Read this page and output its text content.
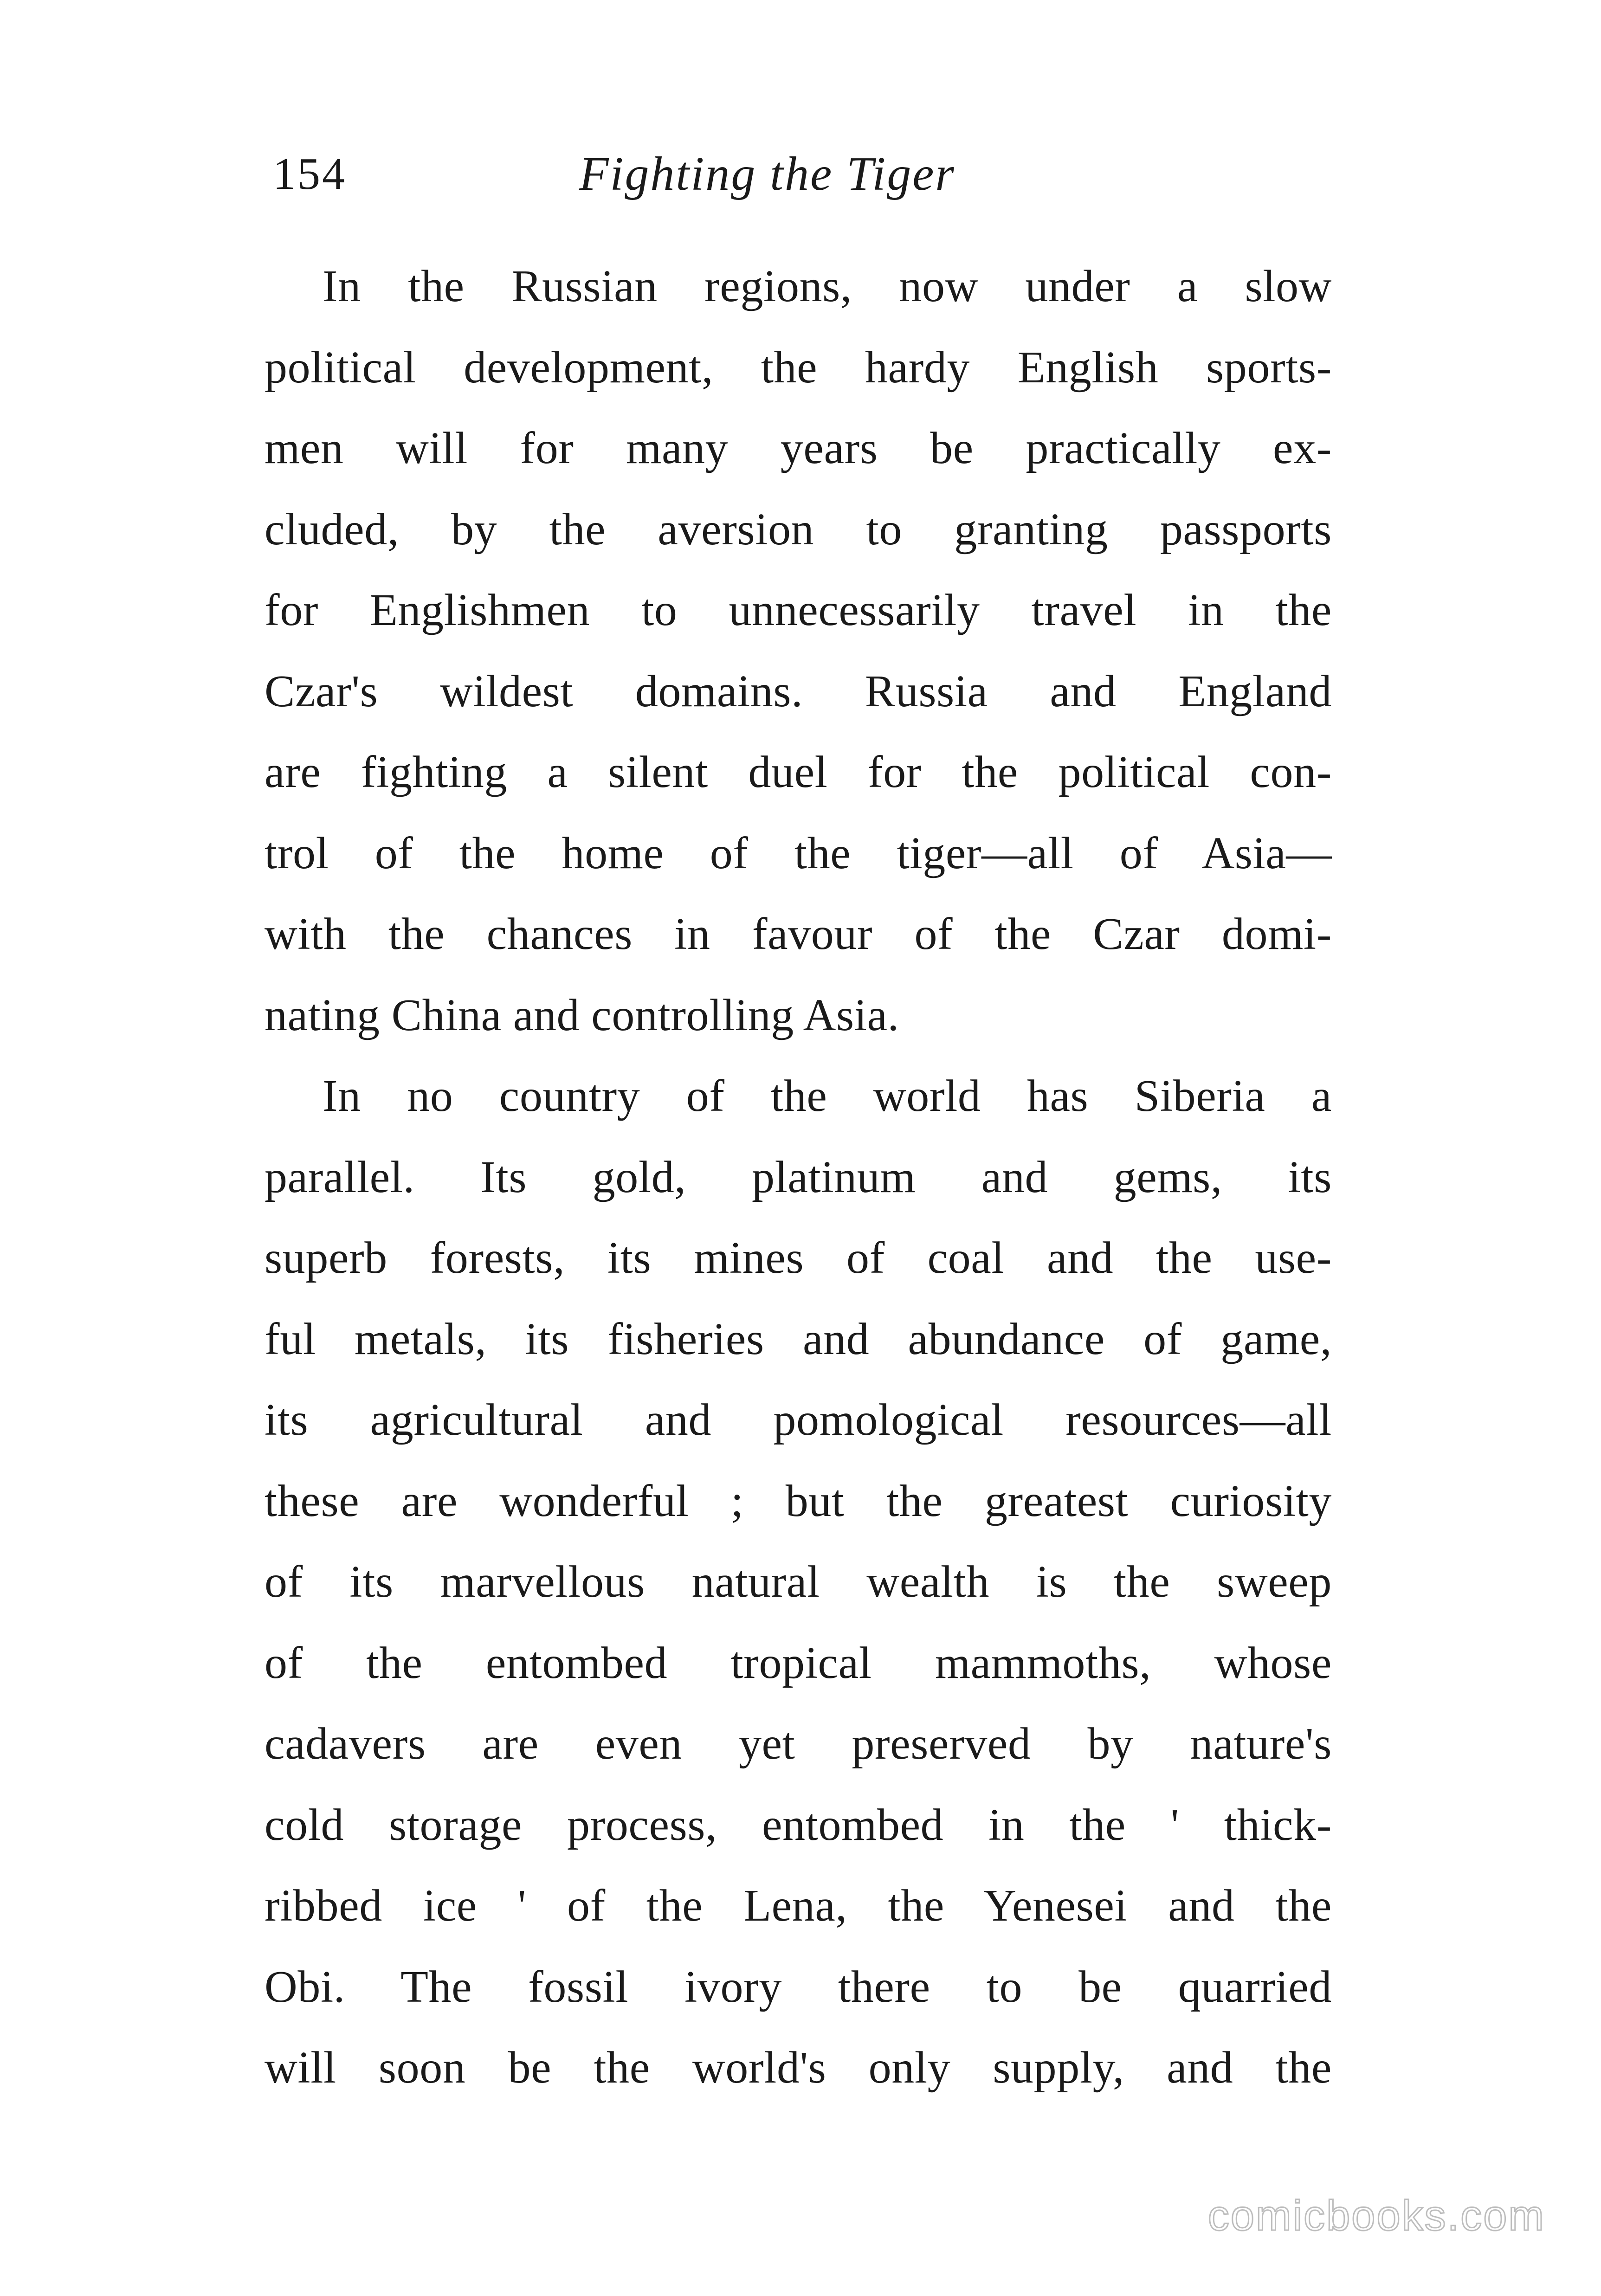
154	Fighting the Tiger
In the Russian regions, now under a slow
political development, the hardy English sports-
men will for many years be practically ex-
cluded, by the aversion to granting passports
for Englishmen to unnecessarily travel in the
Czar's wildest domains. Russia and England
are fighting a silent duel for the political con-
trol of the home of the tiger—all of Asia—
with the chances in favour of the Czar domi-
nating China and controlling Asia.
In no country of the world has Siberia a
parallel. Its gold, platinum and gems, its
superb forests, its mines of coal and the use-
ful metals, its fisheries and abundance of game,
its agricultural and pomological resources—all
these are wonderful ; but the greatest curiosity
of its marvellous natural wealth is the sweep
of the entombed tropical mammoths, whose
cadavers are even yet preserved by nature's
cold storage process, entombed in the ' thick-
ribbed ice ' of the Lena, the Yenesei and the
Obi. The fossil ivory there to be quarried
will soon be the world's only supply, and the
comicbooks.com
